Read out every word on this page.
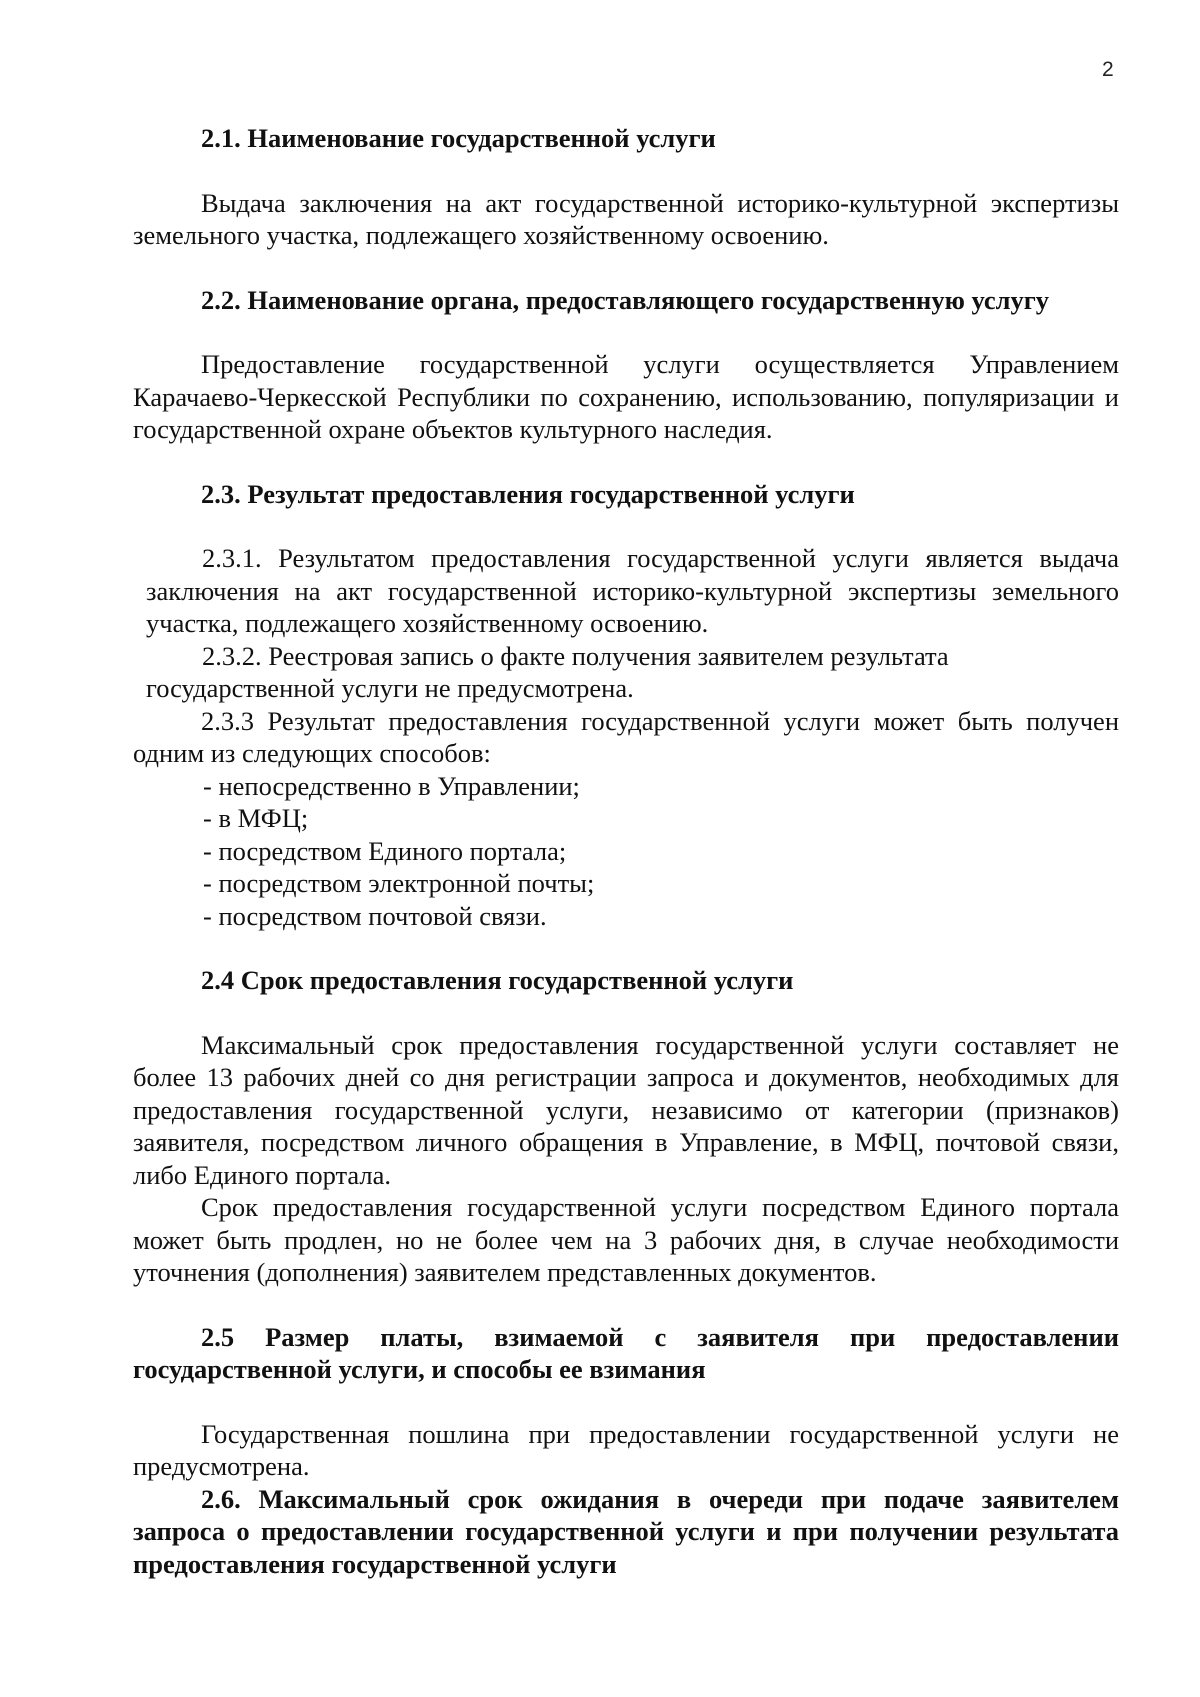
2

2.1. Наименование государственной услуги

Выдача заключения на акт государственной историко-культурной экспертизы земельного участка, подлежащего хозяйственному освоению.

2.2. Наименование органа, предоставляющего государственную услугу

Предоставление государственной услуги осуществляется Управлением Карачаево-Черкесской Республики по сохранению, использованию, популяризации и государственной охране объектов культурного наследия.

2.3. Результат предоставления государственной услуги

2.3.1. Результатом предоставления государственной услуги является выдача заключения на акт государственной историко-культурной экспертизы земельного участка, подлежащего хозяйственному освоению.

2.3.2. Реестровая запись о факте получения заявителем результата

государственной услуги не предусмотрена.

2.3.3 Результат предоставления государственной услуги может быть получен одним из следующих способов:

- непосредственно в Управлении;

- в МФЦ;

- посредством Единого портала;

- посредством электронной почты;

- посредством почтовой связи.

2.4 Срок предоставления государственной услуги

Максимальный срок предоставления государственной услуги составляет не более 13 рабочих дней со дня регистрации запроса и документов, необходимых для предоставления государственной услуги, независимо от категории (признаков) заявителя, посредством личного обращения в Управление, в МФЦ, почтовой связи, либо Единого портала.

Срок предоставления государственной услуги посредством Единого портала может быть продлен, но не более чем на 3 рабочих дня, в случае необходимости уточнения (дополнения) заявителем представленных документов.

2.5 Размер платы, взимаемой с заявителя при предоставлении государственной услуги, и способы ее взимания

Государственная пошлина при предоставлении государственной услуги не предусмотрена.

2.6. Максимальный срок ожидания в очереди при подаче заявителем запроса о предоставлении государственной услуги и при получении результата предоставления государственной услуги
